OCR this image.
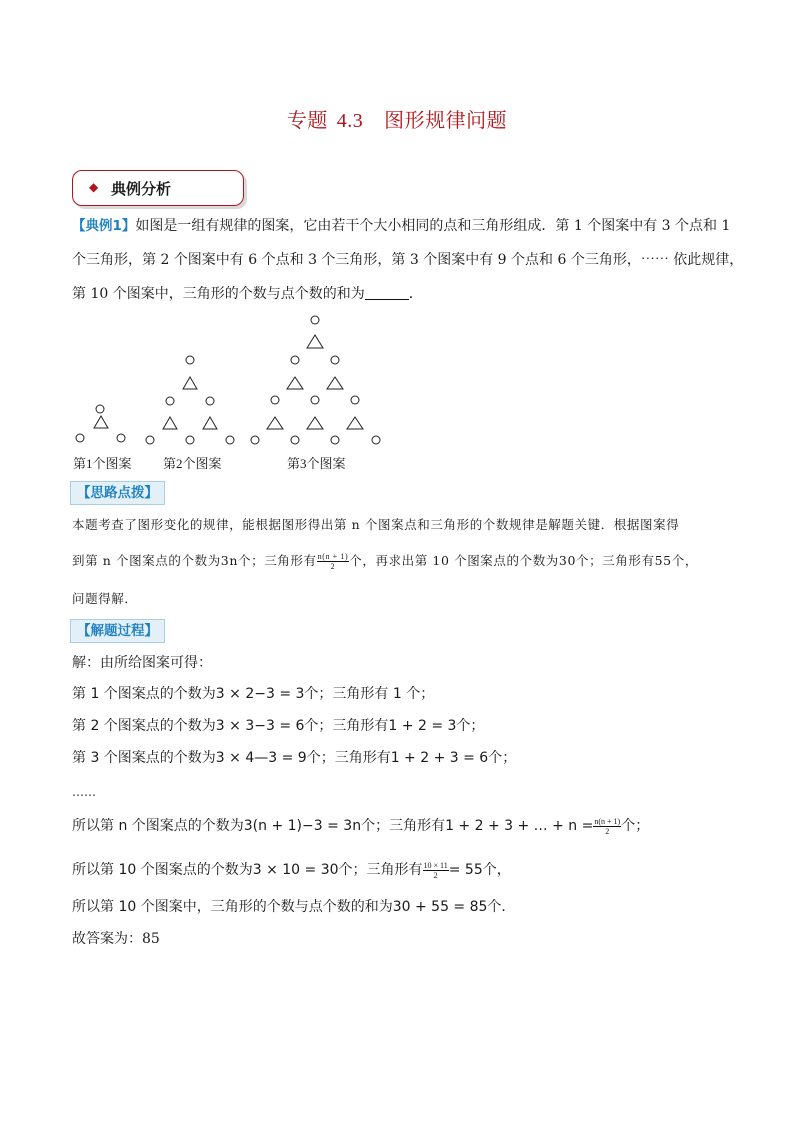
专题 4.3 图形规律问题
◆ 典例分析
【典例1】如图是一组有规律的图案，它由若干个大小相同的点和三角形组成．第 1 个图案中有 3 个点和 1
个三角形，第 2 个图案中有 6 个点和 3 个三角形，第 3 个图案中有 9 个点和 6 个三角形，⋯⋯ 依此规律，
第 10 个图案中，三角形的个数与点个数的和为	．
第1个图案 第2个图案	第3个图案
【思路点拨】
本题考查了图形变化的规律，能根据图形得出第 n 个图案点和三角形的个数规律是解题关键．根据图案得
到第 n 个图案点的个数为3n个；三角形有 $\frac{n(n + 1)}{2}$ 个，再求出第 10 个图案点的个数为30个；三角形有55个，
问题得解．
【解题过程】
解：由所给图案可得：
第 1 个图案点的个数为3 × 2−3 = 3个；三角形有 1 个；
第 2 个图案点的个数为3 × 3−3 = 6个；三角形有1 + 2 = 3个；
第 3 个图案点的个数为3 × 4—3 = 9个；三角形有1 + 2 + 3 = 6个；
……
所以第 n 个图案点的个数为3(n + 1)−3 = 3n个；三角形有1 + 2 + 3 + … + $n = \frac{n(n + 1)}{2}$ 个；
所以第 10 个图案点的个数为3 × 10 = 30个；三角形有 $\frac{10 \times 11}{2} = 55$个，
所以第 10 个图案中，三角形的个数与点个数的和为30 + 55 = 85个．
故答案为：85
